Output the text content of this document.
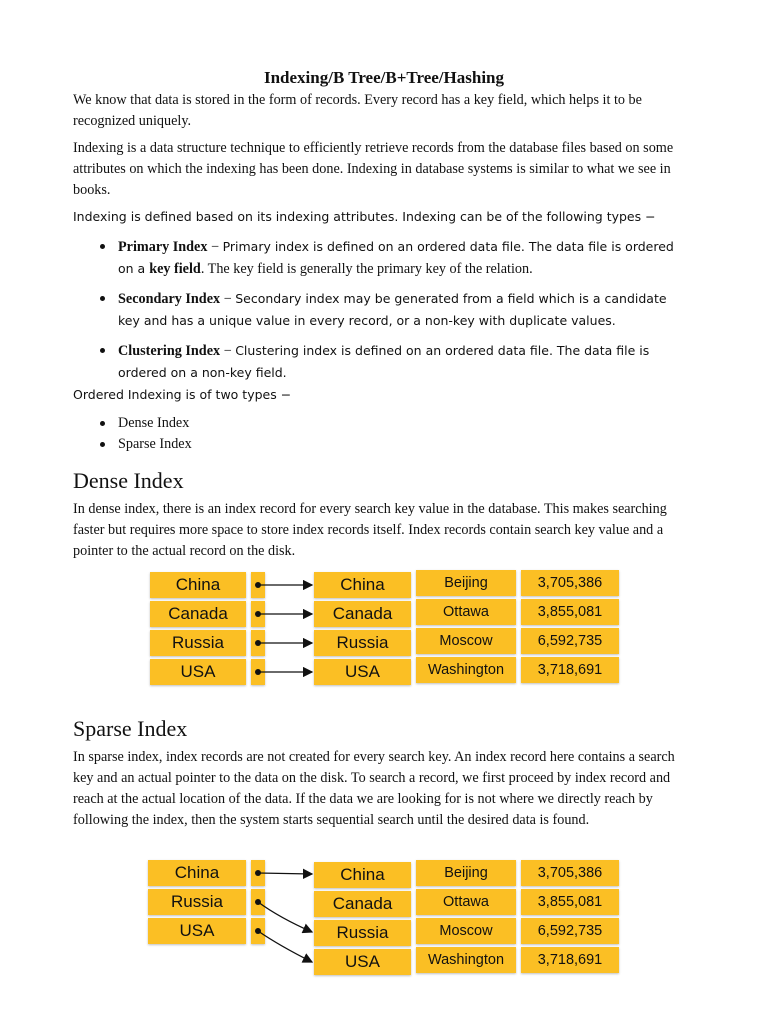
Indexing/B Tree/B+Tree/Hashing
We know that data is stored in the form of records. Every record has a key field, which helps it to be recognized uniquely.
Indexing is a data structure technique to efficiently retrieve records from the database files based on some attributes on which the indexing has been done. Indexing in database systems is similar to what we see in books.
Indexing is defined based on its indexing attributes. Indexing can be of the following types −
Primary Index − Primary index is defined on an ordered data file. The data file is ordered on a key field. The key field is generally the primary key of the relation.
Secondary Index − Secondary index may be generated from a field which is a candidate key and has a unique value in every record, or a non-key with duplicate values.
Clustering Index − Clustering index is defined on an ordered data file. The data file is ordered on a non-key field.
Ordered Indexing is of two types −
Dense Index
Sparse Index
Dense Index
In dense index, there is an index record for every search key value in the database. This makes searching faster but requires more space to store index records itself. Index records contain search key value and a pointer to the actual record on the disk.
China
Canada
Russia
USA
China	Beijing	3,705,386
Canada	Ottawa	3,855,081
Russia	Moscow	6,592,735
USA	Washington	3,718,691
Sparse Index
In sparse index, index records are not created for every search key. An index record here contains a search key and an actual pointer to the data on the disk. To search a record, we first proceed by index record and reach at the actual location of the data. If the data we are looking for is not where we directly reach by following the index, then the system starts sequential search until the desired data is found.
China
Russia
USA
China	Beijing	3,705,386
Canada	Ottawa	3,855,081
Russia	Moscow	6,592,735
USA	Washington	3,718,691
